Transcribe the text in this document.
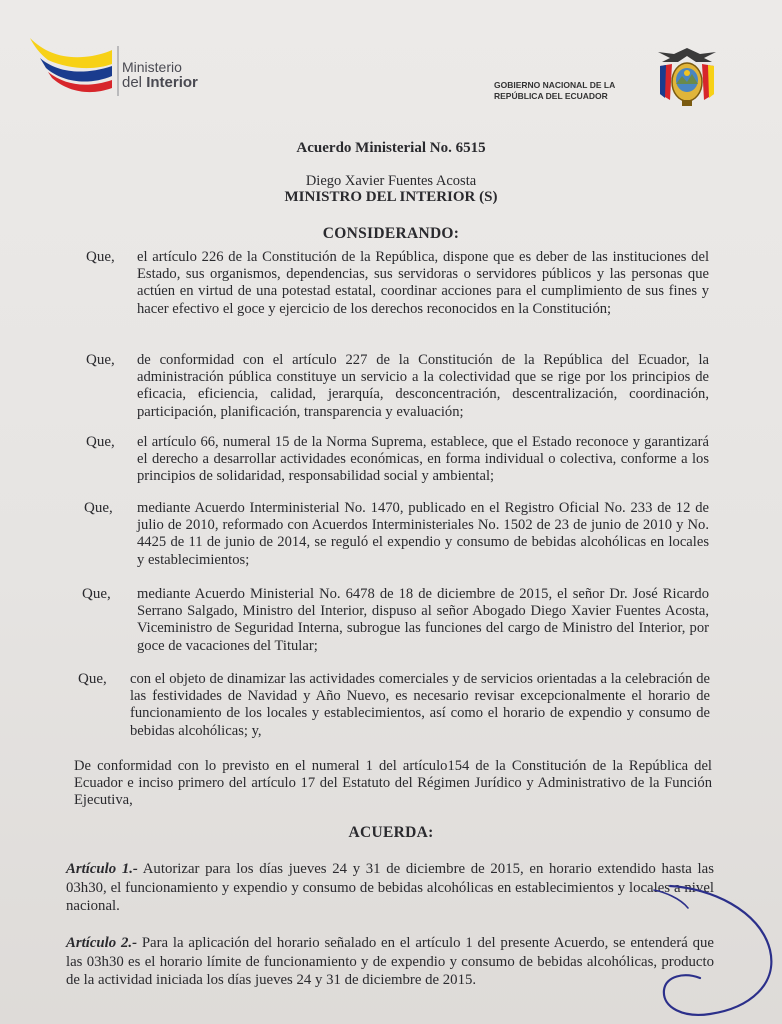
Ministerio
del Interior	GOBIERNO NACIONAL DE LA
REPÚBLICA DEL ECUADOR
Acuerdo Ministerial No. 6515
Diego Xavier Fuentes Acosta
MINISTRO DEL INTERIOR (S)
CONSIDERANDO:
Que, el artículo 226 de la Constitución de la República, dispone que es deber de las instituciones del Estado, sus organismos, dependencias, sus servidoras o servidores públicos y las personas que actúen en virtud de una potestad estatal, coordinar acciones para el cumplimiento de sus fines y hacer efectivo el goce y ejercicio de los derechos reconocidos en la Constitución;
Que, de conformidad con el artículo 227 de la Constitución de la República del Ecuador, la administración pública constituye un servicio a la colectividad que se rige por los principios de eficacia, eficiencia, calidad, jerarquía, desconcentración, descentralización, coordinación, participación, planificación, transparencia y evaluación;
Que, el artículo 66, numeral 15 de la Norma Suprema, establece, que el Estado reconoce y garantizará el derecho a desarrollar actividades económicas, en forma individual o colectiva, conforme a los principios de solidaridad, responsabilidad social y ambiental;
Que, mediante Acuerdo Interministerial No. 1470, publicado en el Registro Oficial No. 233 de 12 de julio de 2010, reformado con Acuerdos Interministeriales No. 1502 de 23 de junio de 2010 y No. 4425 de 11 de junio de 2014, se reguló el expendio y consumo de bebidas alcohólicas en locales y establecimientos;
Que, mediante Acuerdo Ministerial No. 6478 de 18 de diciembre de 2015, el señor Dr. José Ricardo Serrano Salgado, Ministro del Interior, dispuso al señor Abogado Diego Xavier Fuentes Acosta, Viceministro de Seguridad Interna, subrogue las funciones del cargo de Ministro del Interior, por goce de vacaciones del Titular;
Que, con el objeto de dinamizar las actividades comerciales y de servicios orientadas a la celebración de las festividades de Navidad y Año Nuevo, es necesario revisar excepcionalmente el horario de funcionamiento de los locales y establecimientos, así como el horario de expendio y consumo de bebidas alcohólicas; y,
De conformidad con lo previsto en el numeral 1 del artículo154 de la Constitución de la República del Ecuador e inciso primero del artículo 17 del Estatuto del Régimen Jurídico y Administrativo de la Función Ejecutiva,
ACUERDA:
Artículo 1.- Autorizar para los días jueves 24 y 31 de diciembre de 2015, en horario extendido hasta las 03h30, el funcionamiento y expendio y consumo de bebidas alcohólicas en establecimientos y locales a nivel nacional.
Artículo 2.- Para la aplicación del horario señalado en el artículo 1 del presente Acuerdo, se entenderá que las 03h30 es el horario límite de funcionamiento y de expendio y consumo de bebidas alcohólicas, producto de la actividad iniciada los días jueves 24 y 31 de diciembre de 2015.
